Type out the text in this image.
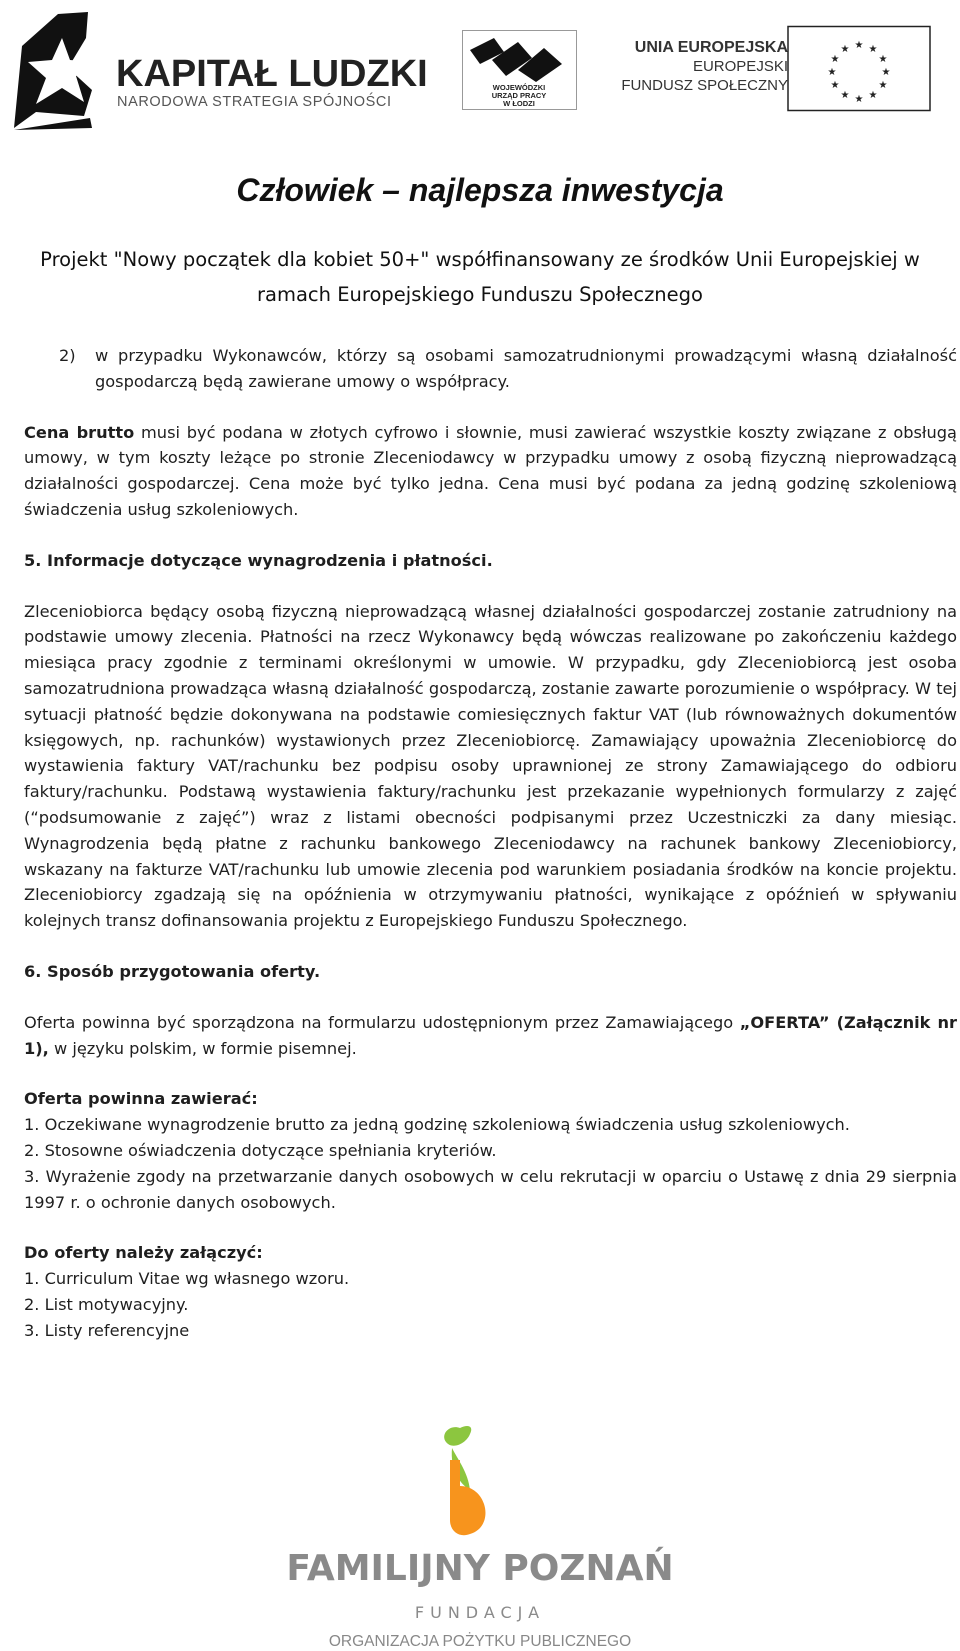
KAPITAŁ LUDZKI
NARODOWA STRATEGIA SPÓJNOŚCI
WOJEWÓDZKI
URZĄD PRACY
W ŁODZI
UNIA EUROPEJSKA
EUROPEJSKI
FUNDUSZ SPOŁECZNY
★ ★
★
★
★
★
★
★
★
★
★
★
Człowiek – najlepsza inwestycja
Projekt "Nowy początek dla kobiet 50+" współfinansowany ze środków Unii Europejskiej w
ramach Europejskiego Funduszu Społecznego
2)	w przypadku Wykonawców, którzy są osobami samozatrudnionymi prowadzącymi własną działalność gospodarczą będą zawierane umowy o współpracy.

Cena brutto musi być podana w złotych cyfrowo i słownie, musi zawierać wszystkie koszty związane z obsługą umowy, w tym koszty leżące po stronie Zleceniodawcy w przypadku umowy z osobą fizyczną nieprowadzącą działalności gospodarczej. Cena może być tylko jedna. Cena musi być podana za jedną godzinę szkoleniową świadczenia usług szkoleniowych.

5. Informacje dotyczące wynagrodzenia i płatności.

Zleceniobiorca będący osobą fizyczną nieprowadzącą własnej działalności gospodarczej zostanie zatrudniony na podstawie umowy zlecenia. Płatności na rzecz Wykonawcy będą wówczas realizowane po zakończeniu każdego miesiąca pracy zgodnie z terminami określonymi w umowie. W przypadku, gdy Zleceniobiorcą jest osoba samozatrudniona prowadząca własną działalność gospodarczą, zostanie zawarte porozumienie o współpracy. W tej sytuacji płatność będzie dokonywana na podstawie comiesięcznych faktur VAT (lub równoważnych dokumentów księgowych, np. rachunków) wystawionych przez Zleceniobiorcę. Zamawiający upoważnia Zleceniobiorcę do wystawienia faktury VAT/rachunku bez podpisu osoby uprawnionej ze strony Zamawiającego do odbioru faktury/rachunku. Podstawą wystawienia faktury/rachunku jest przekazanie wypełnionych formularzy z zajęć (“podsumowanie z zajęć”) wraz z listami obecności podpisanymi przez Uczestniczki za dany miesiąc. Wynagrodzenia będą płatne z rachunku bankowego Zleceniodawcy na rachunek bankowy Zleceniobiorcy, wskazany na fakturze VAT/rachunku lub umowie zlecenia pod warunkiem posiadania środków na koncie projektu. Zleceniobiorcy zgadzają się na opóźnienia w otrzymywaniu płatności, wynikające z opóźnień w spływaniu kolejnych transz dofinansowania projektu z Europejskiego Funduszu Społecznego.

6. Sposób przygotowania oferty.

Oferta powinna być sporządzona na formularzu udostępnionym przez Zamawiającego „OFERTA” (Załącznik nr 1), w języku polskim, w formie pisemnej.

Oferta powinna zawierać:

1. Oczekiwane wynagrodzenie brutto za jedną godzinę szkoleniową świadczenia usług szkoleniowych.

2. Stosowne oświadczenia dotyczące spełniania kryteriów.

3. Wyrażenie zgody na przetwarzanie danych osobowych w celu rekrutacji w oparciu o Ustawę z dnia 29 sierpnia 1997 r. o ochronie danych osobowych.

Do oferty należy załączyć:

1. Curriculum Vitae wg własnego wzoru.

2. List motywacyjny.

3. Listy referencyjne

FAMILIJNY POZNAŃ
FUNDACJA
ORGANIZACJA POŻYTKU PUBLICZNEGO
